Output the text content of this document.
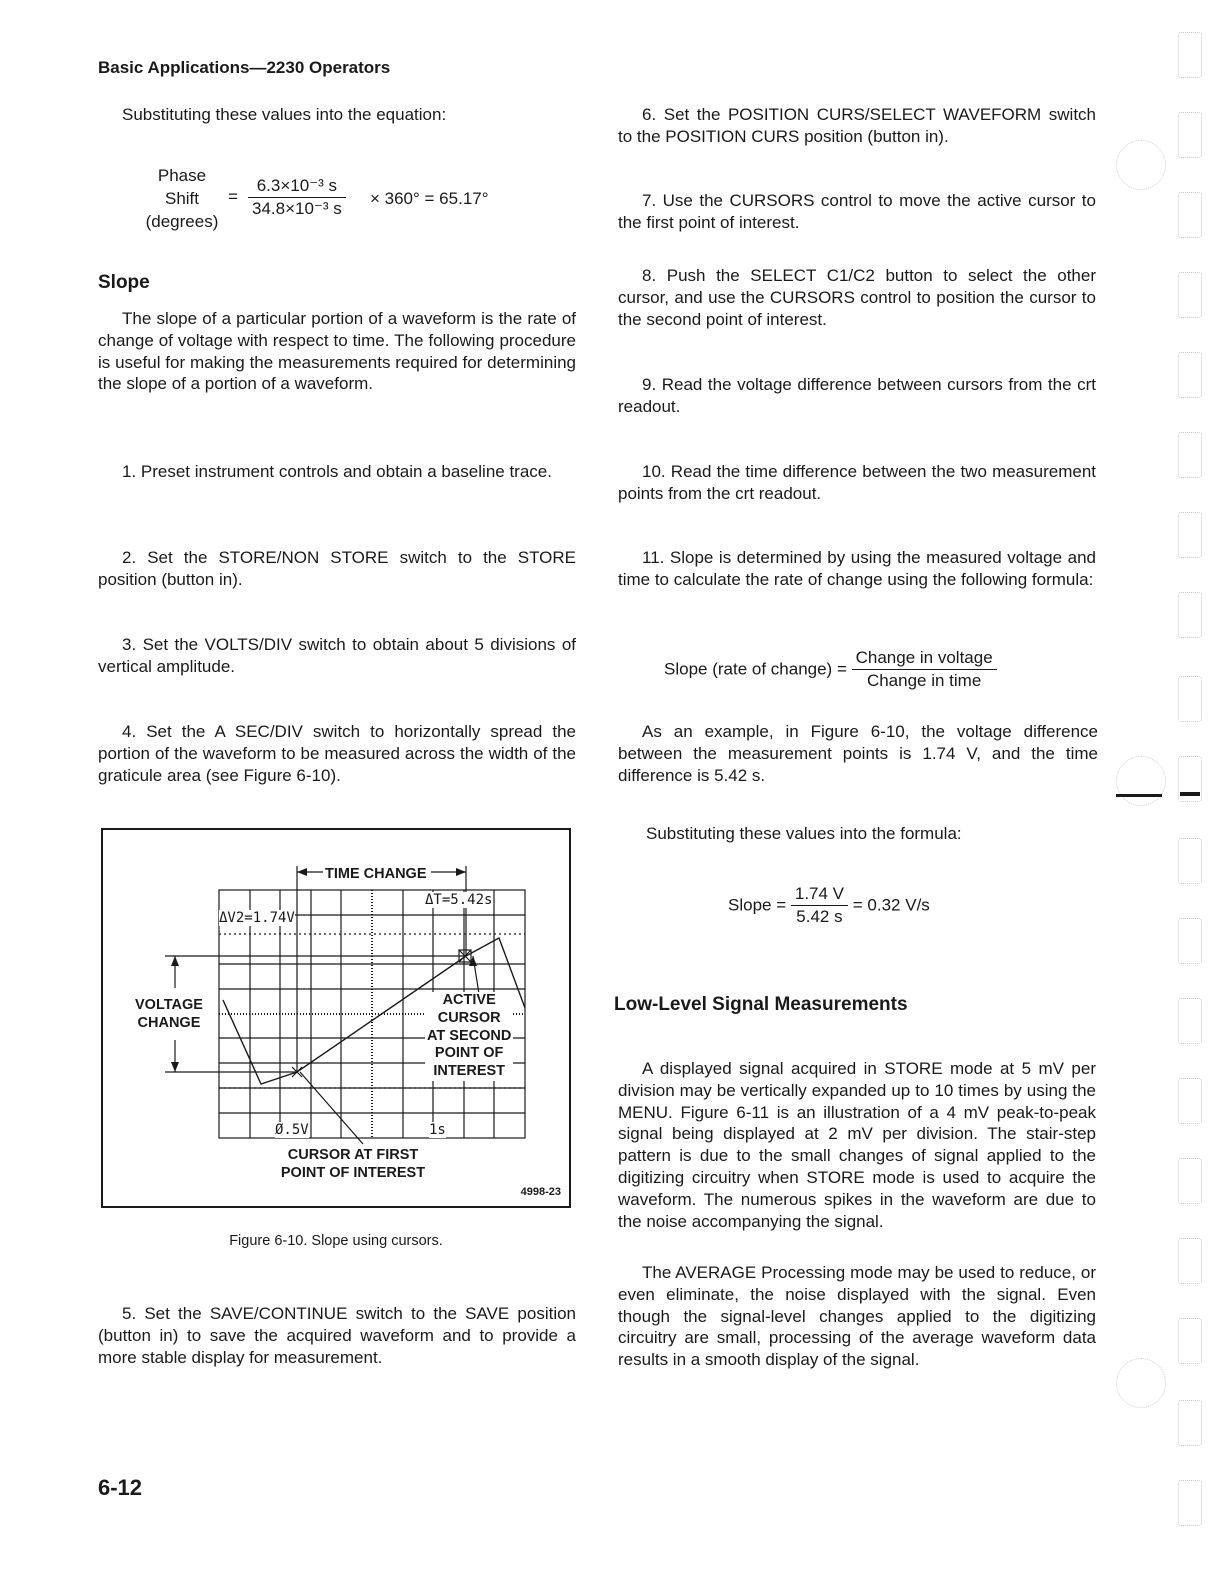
Basic Applications—2230 Operators
Substituting these values into the equation:
Phase
Shift
(degrees)
= $\frac{\text{6.3×10⁻³ s}}{\text{34.8×10⁻³ s}} \times 360^\circ = 65.17^\circ$
Slope
The slope of a particular portion of a waveform is the rate of change of voltage with respect to time. The following procedure is useful for making the measurements required for determining the slope of a portion of a waveform.
1. Preset instrument controls and obtain a baseline trace.
2. Set the STORE/NON STORE switch to the STORE position (button in).
3. Set the VOLTS/DIV switch to obtain about 5 divisions of vertical amplitude.
4. Set the A SEC/DIV switch to horizontally spread the portion of the waveform to be measured across the width of the graticule area (see Figure 6-10).
TIME CHANGE
ΔT=5.42s
ΔV2=1.74V
VOLTAGE
CHANGE
ACTIVE
CURSOR
AT SECOND
POINT OF
INTEREST
Ø.5V	1s
CURSOR AT FIRST
POINT OF INTEREST
4998-23
Figure 6-10. Slope using cursors.
5. Set the SAVE/CONTINUE switch to the SAVE position (button in) to save the acquired waveform and to provide a more stable display for measurement.
6. Set the POSITION CURS/SELECT WAVEFORM switch to the POSITION CURS position (button in).
7. Use the CURSORS control to move the active cursor to the first point of interest.
8. Push the SELECT C1/C2 button to select the other cursor, and use the CURSORS control to position the cursor to the second point of interest.
9. Read the voltage difference between cursors from the crt readout.
10. Read the time difference between the two measurement points from the crt readout.
11. Slope is determined by using the measured voltage and time to calculate the rate of change using the following formula:
Slope (rate of change) = $\frac{\text{Change in voltage}}{\text{Change in time}}$
As an example, in Figure 6-10, the voltage difference between the measurement points is 1.74 V, and the time difference is 5.42 s.
Substituting these values into the formula:
Slope = $\frac{1.74 V}{5.42 s} = 0.32$ V/s
Low-Level Signal Measurements
A displayed signal acquired in STORE mode at 5 mV per division may be vertically expanded up to 10 times by using the MENU. Figure 6-11 is an illustration of a 4 mV peak-to-peak signal being displayed at 2 mV per division. The stair-step pattern is due to the small changes of signal applied to the digitizing circuitry when STORE mode is used to acquire the waveform. The numerous spikes in the waveform are due to the noise accompanying the signal.
The AVERAGE Processing mode may be used to reduce, or even eliminate, the noise displayed with the signal. Even though the signal-level changes applied to the digitizing circuitry are small, processing of the average waveform data results in a smooth display of the signal.
6-12
